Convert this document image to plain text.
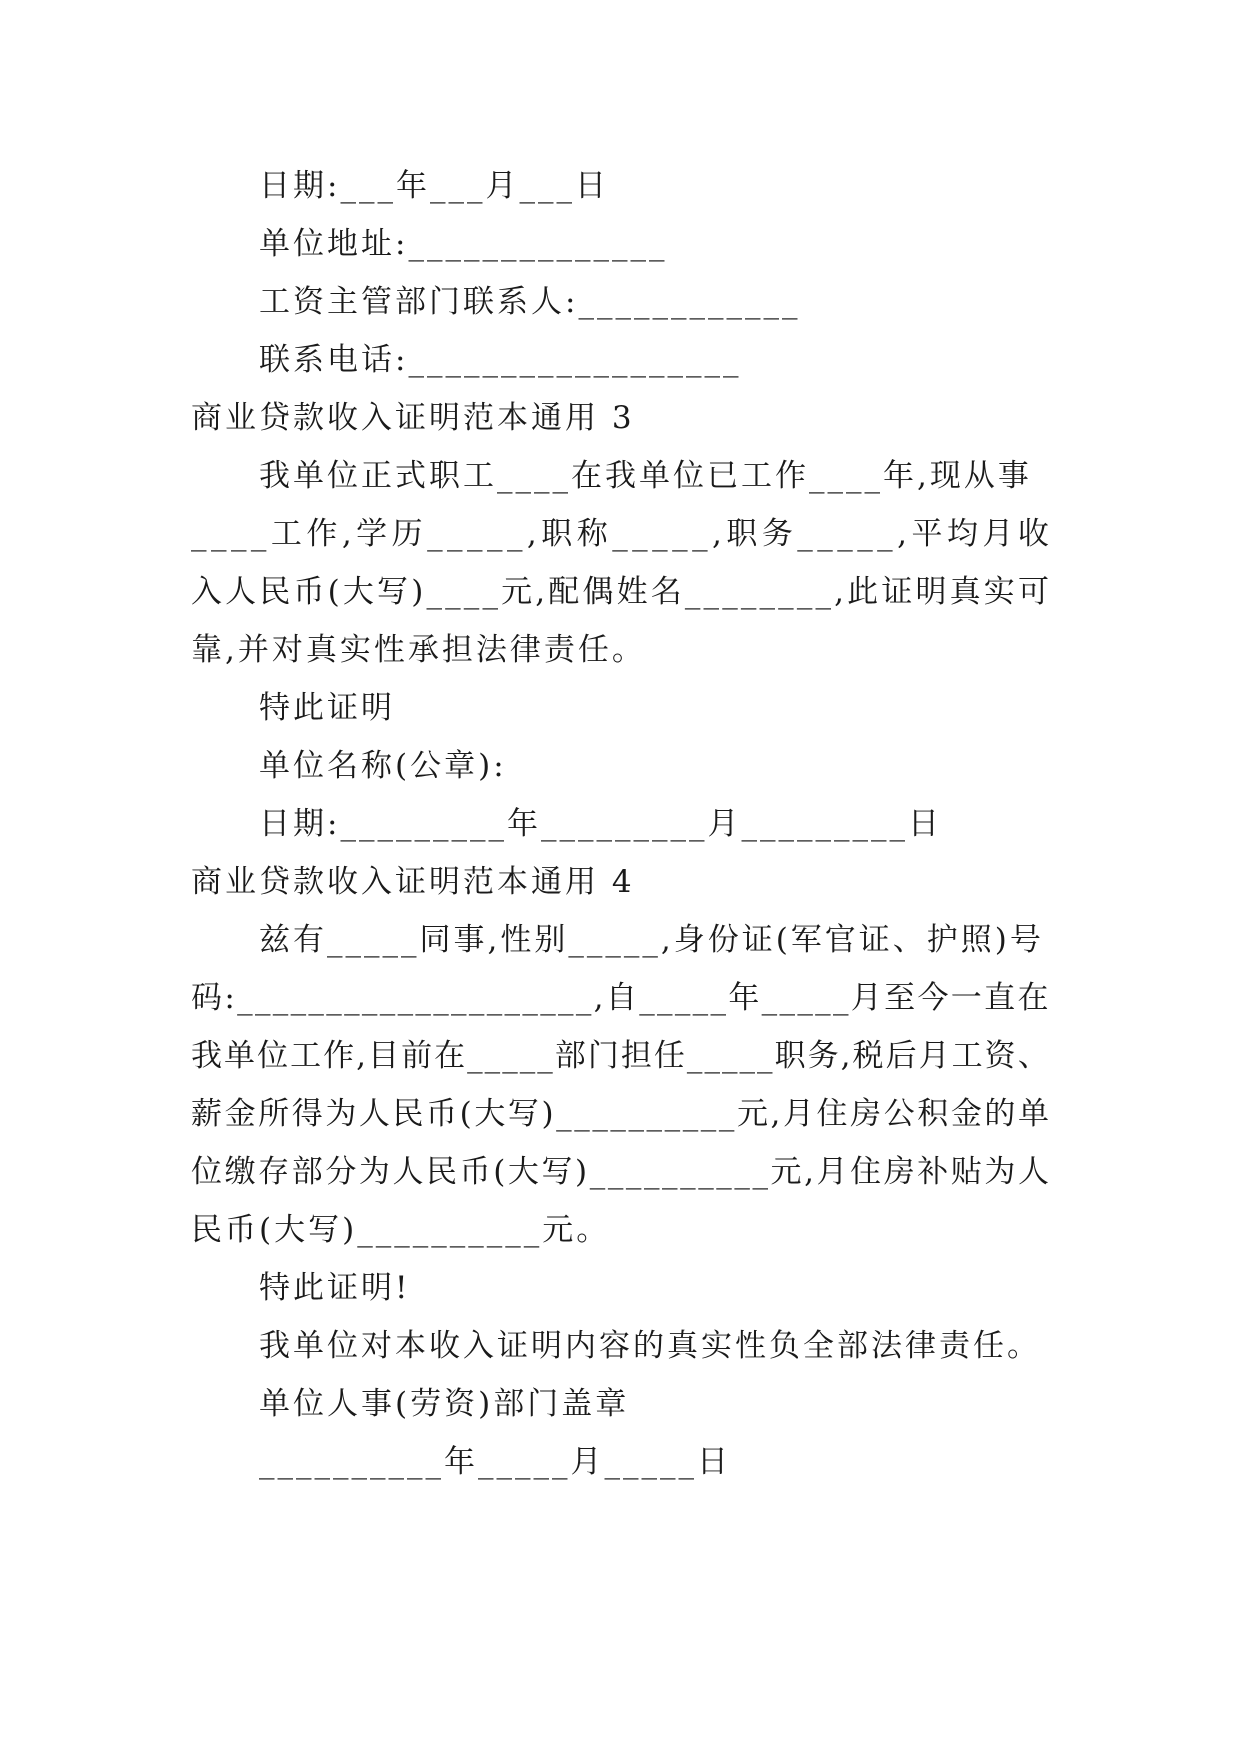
日期:___年___月___日
单位地址:______________
工资主管部门联系人:____________
联系电话:__________________
商业贷款收入证明范本通用 3
我单位正式职工____在我单位已工作____年,现从事
_ _ _ _ 工 作 , 学 历 _ _ _ _ _ , 职 称 _ _ _ _ _ , 职 务 _ _ _ _ _ , 平 均 月 收
入 人 民 币 ( 大 写 ) _ _ _ _ 元 , 配 偶 姓 名 _ _ _ _ _ _ _ _ , 此 证 明 真 实 可
靠,并对真实性承担法律责任。
特此证明
单位名称(公章):
日期:_________年_________月_________日
商业贷款收入证明范本通用 4
兹有_____同事,性别_____,身份证(军官证、护照)号
码 : _ _ _ _ _ _ _ _ _ _ _ _ _ _ _ _ _ _ _ _ , 自 _ _ _ _ _ 年 _ _ _ _ _ 月 至 今 一 直 在
我 单 位 工 作 , 目 前 在 _ _ _ _ _ 部 门 担 任 _ _ _ _ _ 职 务 , 税 后 月 工 资 、
薪 金 所 得 为 人 民 币 ( 大 写 ) _ _ _ _ _ _ _ _ _ _ 元 , 月 住 房 公 积 金 的 单
位 缴 存 部 分 为 人 民 币 ( 大 写 ) _ _ _ _ _ _ _ _ _ _ 元 , 月 住 房 补 贴 为 人
民币(大写)__________元。
特此证明!
我单位对本收入证明内容的真实性负全部法律责任。
单位人事(劳资)部门盖章
__________年_____月_____日
